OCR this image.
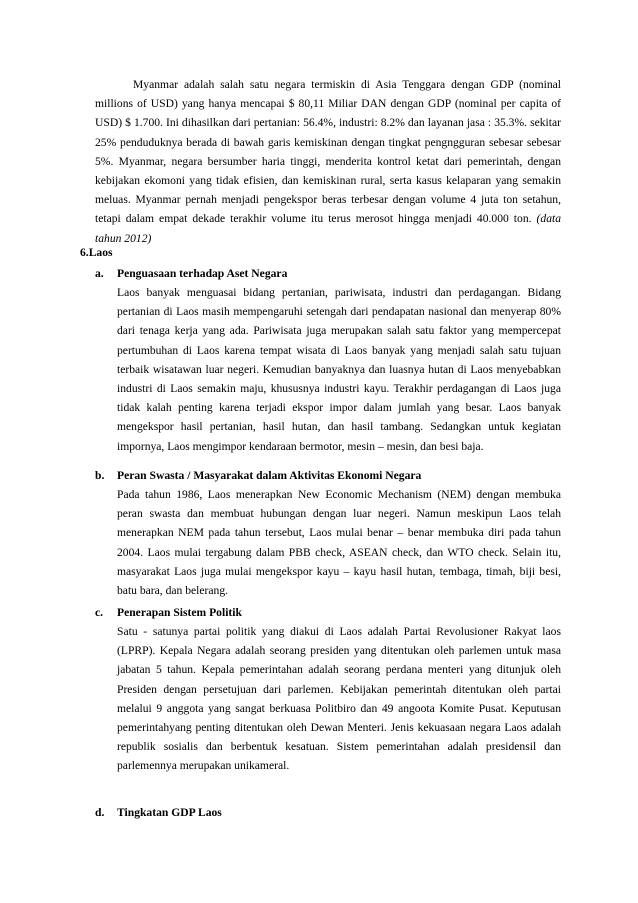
Myanmar adalah salah satu negara termiskin di Asia Tenggara dengan GDP (nominal millions of USD) yang hanya mencapai $ 80,11 Miliar DAN dengan GDP (nominal per capita of USD) $ 1.700. Ini dihasilkan dari pertanian: 56.4%, industri: 8.2% dan layanan jasa : 35.3%. sekitar 25% penduduknya berada di bawah garis kemiskinan dengan tingkat pengngguran sebesar sebesar 5%. Myanmar, negara bersumber haria tinggi, menderita kontrol ketat dari pemerintah, dengan kebijakan ekomoni yang tidak efisien, dan kemiskinan rural, serta kasus kelaparan yang semakin meluas. Myanmar pernah menjadi pengekspor beras terbesar dengan volume 4 juta ton setahun, tetapi dalam empat dekade terakhir volume itu terus merosot hingga menjadi 40.000 ton. (data tahun 2012)

6.Laos

a. Penguasaan terhadap Aset Negara

Laos banyak menguasai bidang pertanian, pariwisata, industri dan perdagangan. Bidang pertanian di Laos masih mempengaruhi setengah dari pendapatan nasional dan menyerap 80% dari tenaga kerja yang ada. Pariwisata juga merupakan salah satu faktor yang mempercepat pertumbuhan di Laos karena tempat wisata di Laos banyak yang menjadi salah satu tujuan terbaik wisatawan luar negeri. Kemudian banyaknya dan luasnya hutan di Laos menyebabkan industri di Laos semakin maju, khususnya industri kayu. Terakhir perdagangan di Laos juga tidak kalah penting karena terjadi ekspor impor dalam jumlah yang besar. Laos banyak mengekspor hasil pertanian, hasil hutan, dan hasil tambang. Sedangkan untuk kegiatan impornya, Laos mengimpor kendaraan bermotor, mesin – mesin, dan besi baja.

b. Peran Swasta / Masyarakat dalam Aktivitas Ekonomi Negara

Pada tahun 1986, Laos menerapkan New Economic Mechanism (NEM) dengan membuka peran swasta dan membuat hubungan dengan luar negeri. Namun meskipun Laos telah menerapkan NEM pada tahun tersebut, Laos mulai benar – benar membuka diri pada tahun 2004. Laos mulai tergabung dalam PBB check, ASEAN check, dan WTO check. Selain itu, masyarakat Laos juga mulai mengekspor kayu – kayu hasil hutan, tembaga, timah, biji besi, batu bara, dan belerang.

c. Penerapan Sistem Politik

Satu - satunya partai politik yang diakui di Laos adalah Partai Revolusioner Rakyat laos (LPRP). Kepala Negara adalah seorang presiden yang ditentukan oleh parlemen untuk masa jabatan 5 tahun. Kepala pemerintahan adalah seorang perdana menteri yang ditunjuk oleh Presiden dengan persetujuan dari parlemen. Kebijakan pemerintah ditentukan oleh partai melalui 9 anggota yang sangat berkuasa Politbiro dan 49 angoota Komite Pusat. Keputusan pemerintahyang penting ditentukan oleh Dewan Menteri. Jenis kekuasaan negara Laos adalah republik sosialis dan berbentuk kesatuan. Sistem pemerintahan adalah presidensil dan parlemennya merupakan unikameral.

d. Tingkatan GDP Laos
